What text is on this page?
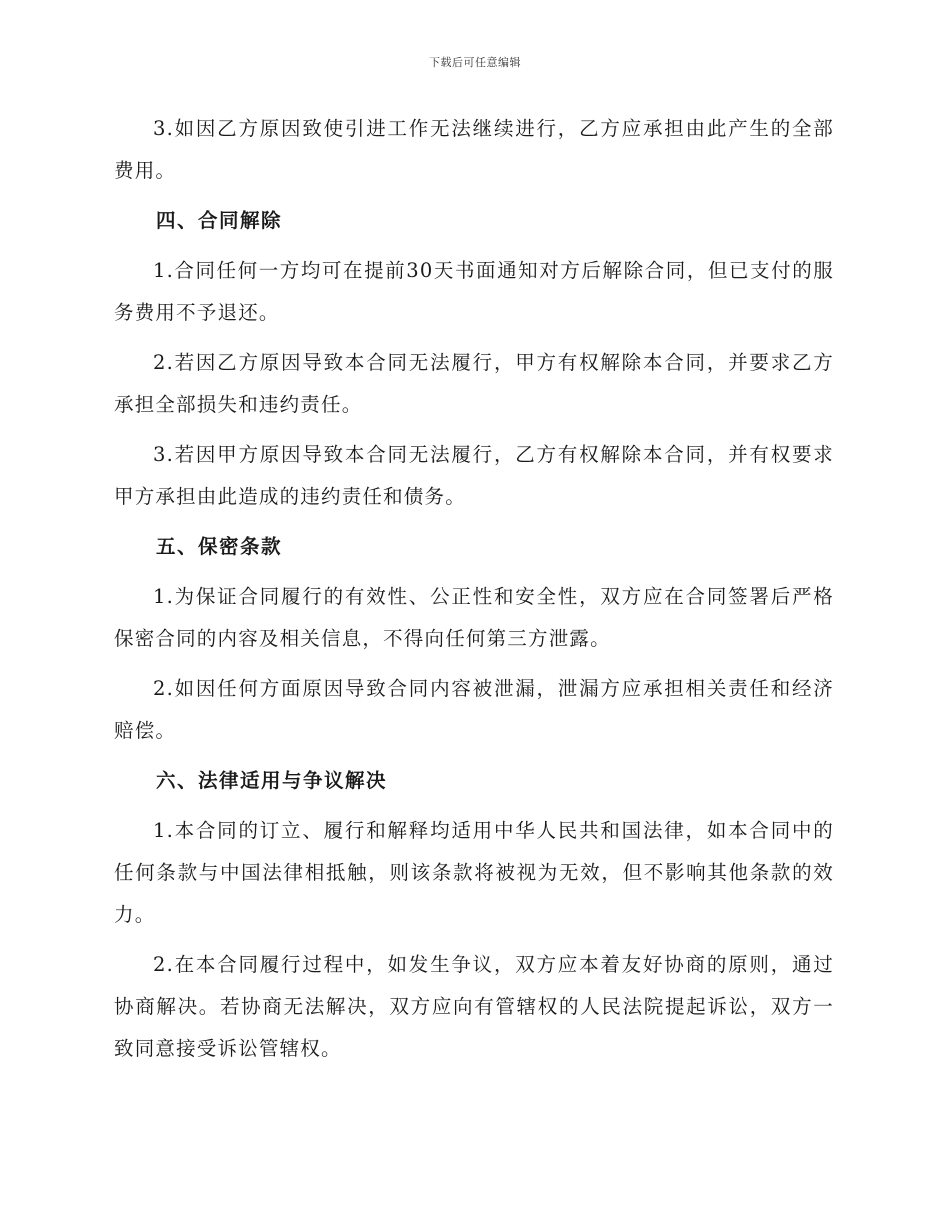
下载后可任意编辑

3.如因乙方原因致使引进工作无法继续进行，乙方应承担由此产生的全部费用。

四、合同解除

1.合同任何一方均可在提前30天书面通知对方后解除合同，但已支付的服务费用不予退还。

2.若因乙方原因导致本合同无法履行，甲方有权解除本合同，并要求乙方承担全部损失和违约责任。

3.若因甲方原因导致本合同无法履行，乙方有权解除本合同，并有权要求甲方承担由此造成的违约责任和债务。

五、保密条款

1.为保证合同履行的有效性、公正性和安全性，双方应在合同签署后严格保密合同的内容及相关信息，不得向任何第三方泄露。

2.如因任何方面原因导致合同内容被泄漏，泄漏方应承担相关责任和经济赔偿。

六、法律适用与争议解决

1.本合同的订立、履行和解释均适用中华人民共和国法律，如本合同中的任何条款与中国法律相抵触，则该条款将被视为无效，但不影响其他条款的效力。

2.在本合同履行过程中，如发生争议，双方应本着友好协商的原则，通过协商解决。若协商无法解决，双方应向有管辖权的人民法院提起诉讼，双方一致同意接受诉讼管辖权。
